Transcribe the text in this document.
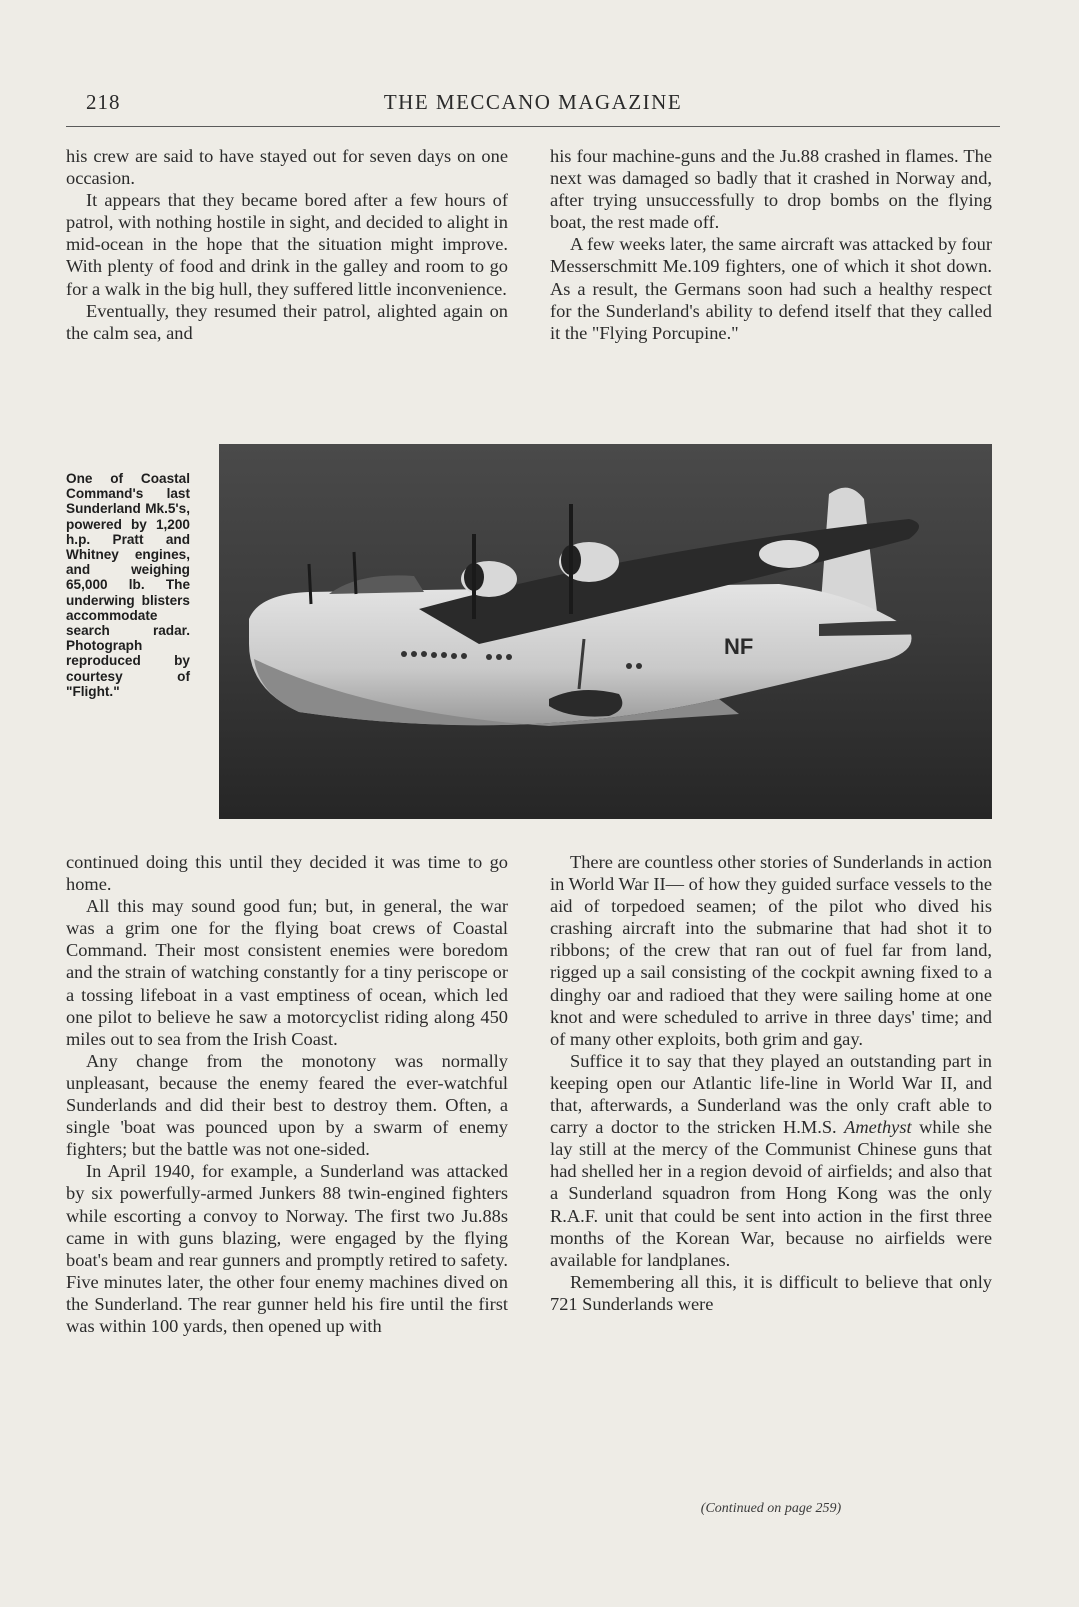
218	THE MECCANO MAGAZINE

his crew are said to have stayed out for seven days on one occasion.

It appears that they became bored after a few hours of patrol, with nothing hostile in sight, and decided to alight in mid-ocean in the hope that the situation might improve. With plenty of food and drink in the galley and room to go for a walk in the big hull, they suffered little inconvenience.

Eventually, they resumed their patrol, alighted again on the calm sea, and

his four machine-guns and the Ju.88 crashed in flames. The next was damaged so badly that it crashed in Norway and, after trying unsuccessfully to drop bombs on the flying boat, the rest made off.

A few weeks later, the same aircraft was attacked by four Messerschmitt Me.109 fighters, one of which it shot down. As a result, the Germans soon had such a healthy respect for the Sunderland's ability to defend itself that they called it the "Flying Porcupine."

One of Coastal Command's last Sunderland Mk.5's, powered by 1,200 h.p. Pratt and Whitney engines, and weighing 65,000 lb. The underwing blisters accommodate search radar. Photograph reproduced by courtesy of "Flight."
NF

continued doing this until they decided it was time to go home.

All this may sound good fun; but, in general, the war was a grim one for the flying boat crews of Coastal Command. Their most consistent enemies were boredom and the strain of watching constantly for a tiny periscope or a tossing lifeboat in a vast emptiness of ocean, which led one pilot to believe he saw a motorcyclist riding along 450 miles out to sea from the Irish Coast.

Any change from the monotony was normally unpleasant, because the enemy feared the ever-watchful Sunderlands and did their best to destroy them. Often, a single 'boat was pounced upon by a swarm of enemy fighters; but the battle was not one-sided.

In April 1940, for example, a Sunderland was attacked by six powerfully-armed Junkers 88 twin-engined fighters while escorting a convoy to Norway. The first two Ju.88s came in with guns blazing, were engaged by the flying boat's beam and rear gunners and promptly retired to safety. Five minutes later, the other four enemy machines dived on the Sunderland. The rear gunner held his fire until the first was within 100 yards, then opened up with

There are countless other stories of Sunderlands in action in World War II— of how they guided surface vessels to the aid of torpedoed seamen; of the pilot who dived his crashing aircraft into the submarine that had shot it to ribbons; of the crew that ran out of fuel far from land, rigged up a sail consisting of the cockpit awning fixed to a dinghy oar and radioed that they were sailing home at one knot and were scheduled to arrive in three days' time; and of many other exploits, both grim and gay.

Suffice it to say that they played an outstanding part in keeping open our Atlantic life-line in World War II, and that, afterwards, a Sunderland was the only craft able to carry a doctor to the stricken H.M.S. Amethyst while she lay still at the mercy of the Communist Chinese guns that had shelled her in a region devoid of airfields; and also that a Sunderland squadron from Hong Kong was the only R.A.F. unit that could be sent into action in the first three months of the Korean War, because no airfields were available for landplanes.

Remembering all this, it is difficult to believe that only 721 Sunderlands were

(Continued on page 259)
